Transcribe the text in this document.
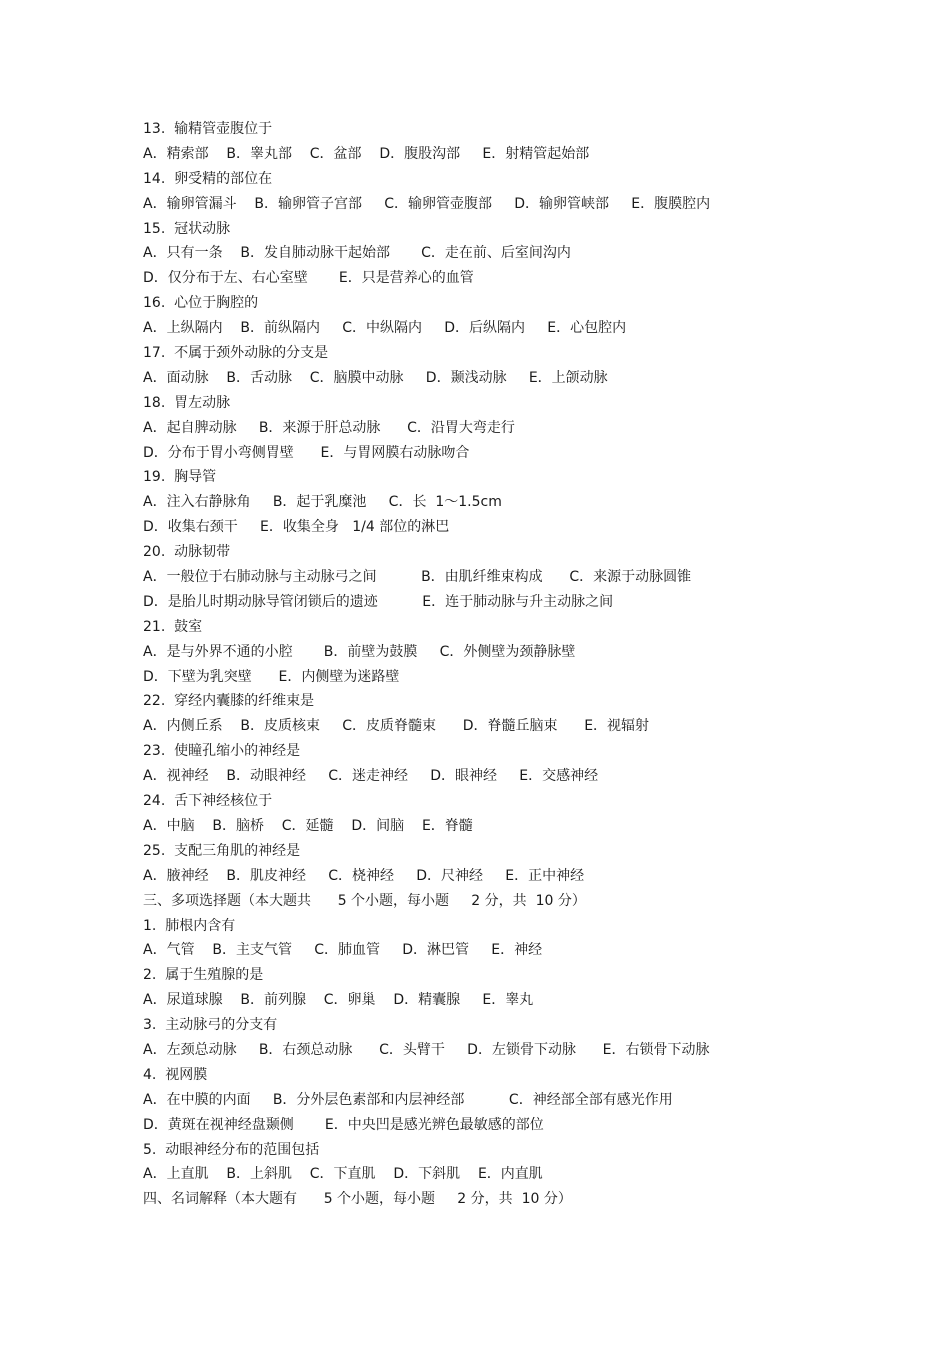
13.  输精管壶腹位于
A．精索部    B．睾丸部    C．盆部    D．腹股沟部     E．射精管起始部
14.  卵受精的部位在
A．输卵管漏斗    B．输卵管子宫部     C．输卵管壶腹部     D．输卵管峡部     E．腹膜腔内
15.  冠状动脉
A．只有一条    B．发自肺动脉干起始部       C．走在前、后室间沟内
D．仅分布于左、右心室壁       E．只是营养心的血管
16.  心位于胸腔的
A．上纵隔内    B．前纵隔内     C．中纵隔内     D．后纵隔内     E．心包腔内
17.  不属于颈外动脉的分支是
A．面动脉    B．舌动脉    C．脑膜中动脉     D．颞浅动脉     E．上颌动脉
18.  胃左动脉
A．起自脾动脉     B．来源于肝总动脉      C．沿胃大弯走行
D．分布于胃小弯侧胃壁      E．与胃网膜右动脉吻合
19.  胸导管
A．注入右静脉角     B．起于乳糜池     C．长  1～1.5cm
D．收集右颈干     E．收集全身   1/4 部位的淋巴
20.  动脉韧带
A．一般位于右肺动脉与主动脉弓之间          B．由肌纤维束构成      C．来源于动脉圆锥
D．是胎儿时期动脉导管闭锁后的遗迹          E．连于肺动脉与升主动脉之间
21.  鼓室
A．是与外界不通的小腔       B．前壁为鼓膜     C．外侧壁为颈静脉壁
D．下壁为乳突壁      E．内侧壁为迷路壁
22.  穿经内囊膝的纤维束是
A．内侧丘系    B．皮质核束     C．皮质脊髓束      D．脊髓丘脑束      E．视辐射
23.  使瞳孔缩小的神经是
A．视神经    B．动眼神经     C．迷走神经     D．眼神经     E．交感神经
24.  舌下神经核位于
A．中脑    B．脑桥    C．延髓    D．间脑    E．脊髓
25.  支配三角肌的神经是
A．腋神经    B．肌皮神经     C．桡神经     D．尺神经     E．正中神经
三、多项选择题（本大题共      5 个小题，每小题     2 分，共  10 分）
1.  肺根内含有
A．气管    B．主支气管     C．肺血管     D．淋巴管     E．神经
2.  属于生殖腺的是
A．尿道球腺    B．前列腺    C．卵巢    D．精囊腺     E．睾丸
3.  主动脉弓的分支有
A．左颈总动脉     B．右颈总动脉      C．头臂干     D．左锁骨下动脉      E．右锁骨下动脉
4.  视网膜
A．在中膜的内面     B．分外层色素部和内层神经部          C．神经部全部有感光作用
D．黄斑在视神经盘颞侧       E．中央凹是感光辨色最敏感的部位
5.  动眼神经分布的范围包括
A．上直肌    B．上斜肌    C．下直肌    D．下斜肌    E．内直肌
四、名词解释（本大题有      5 个小题，每小题     2 分，共  10 分）
